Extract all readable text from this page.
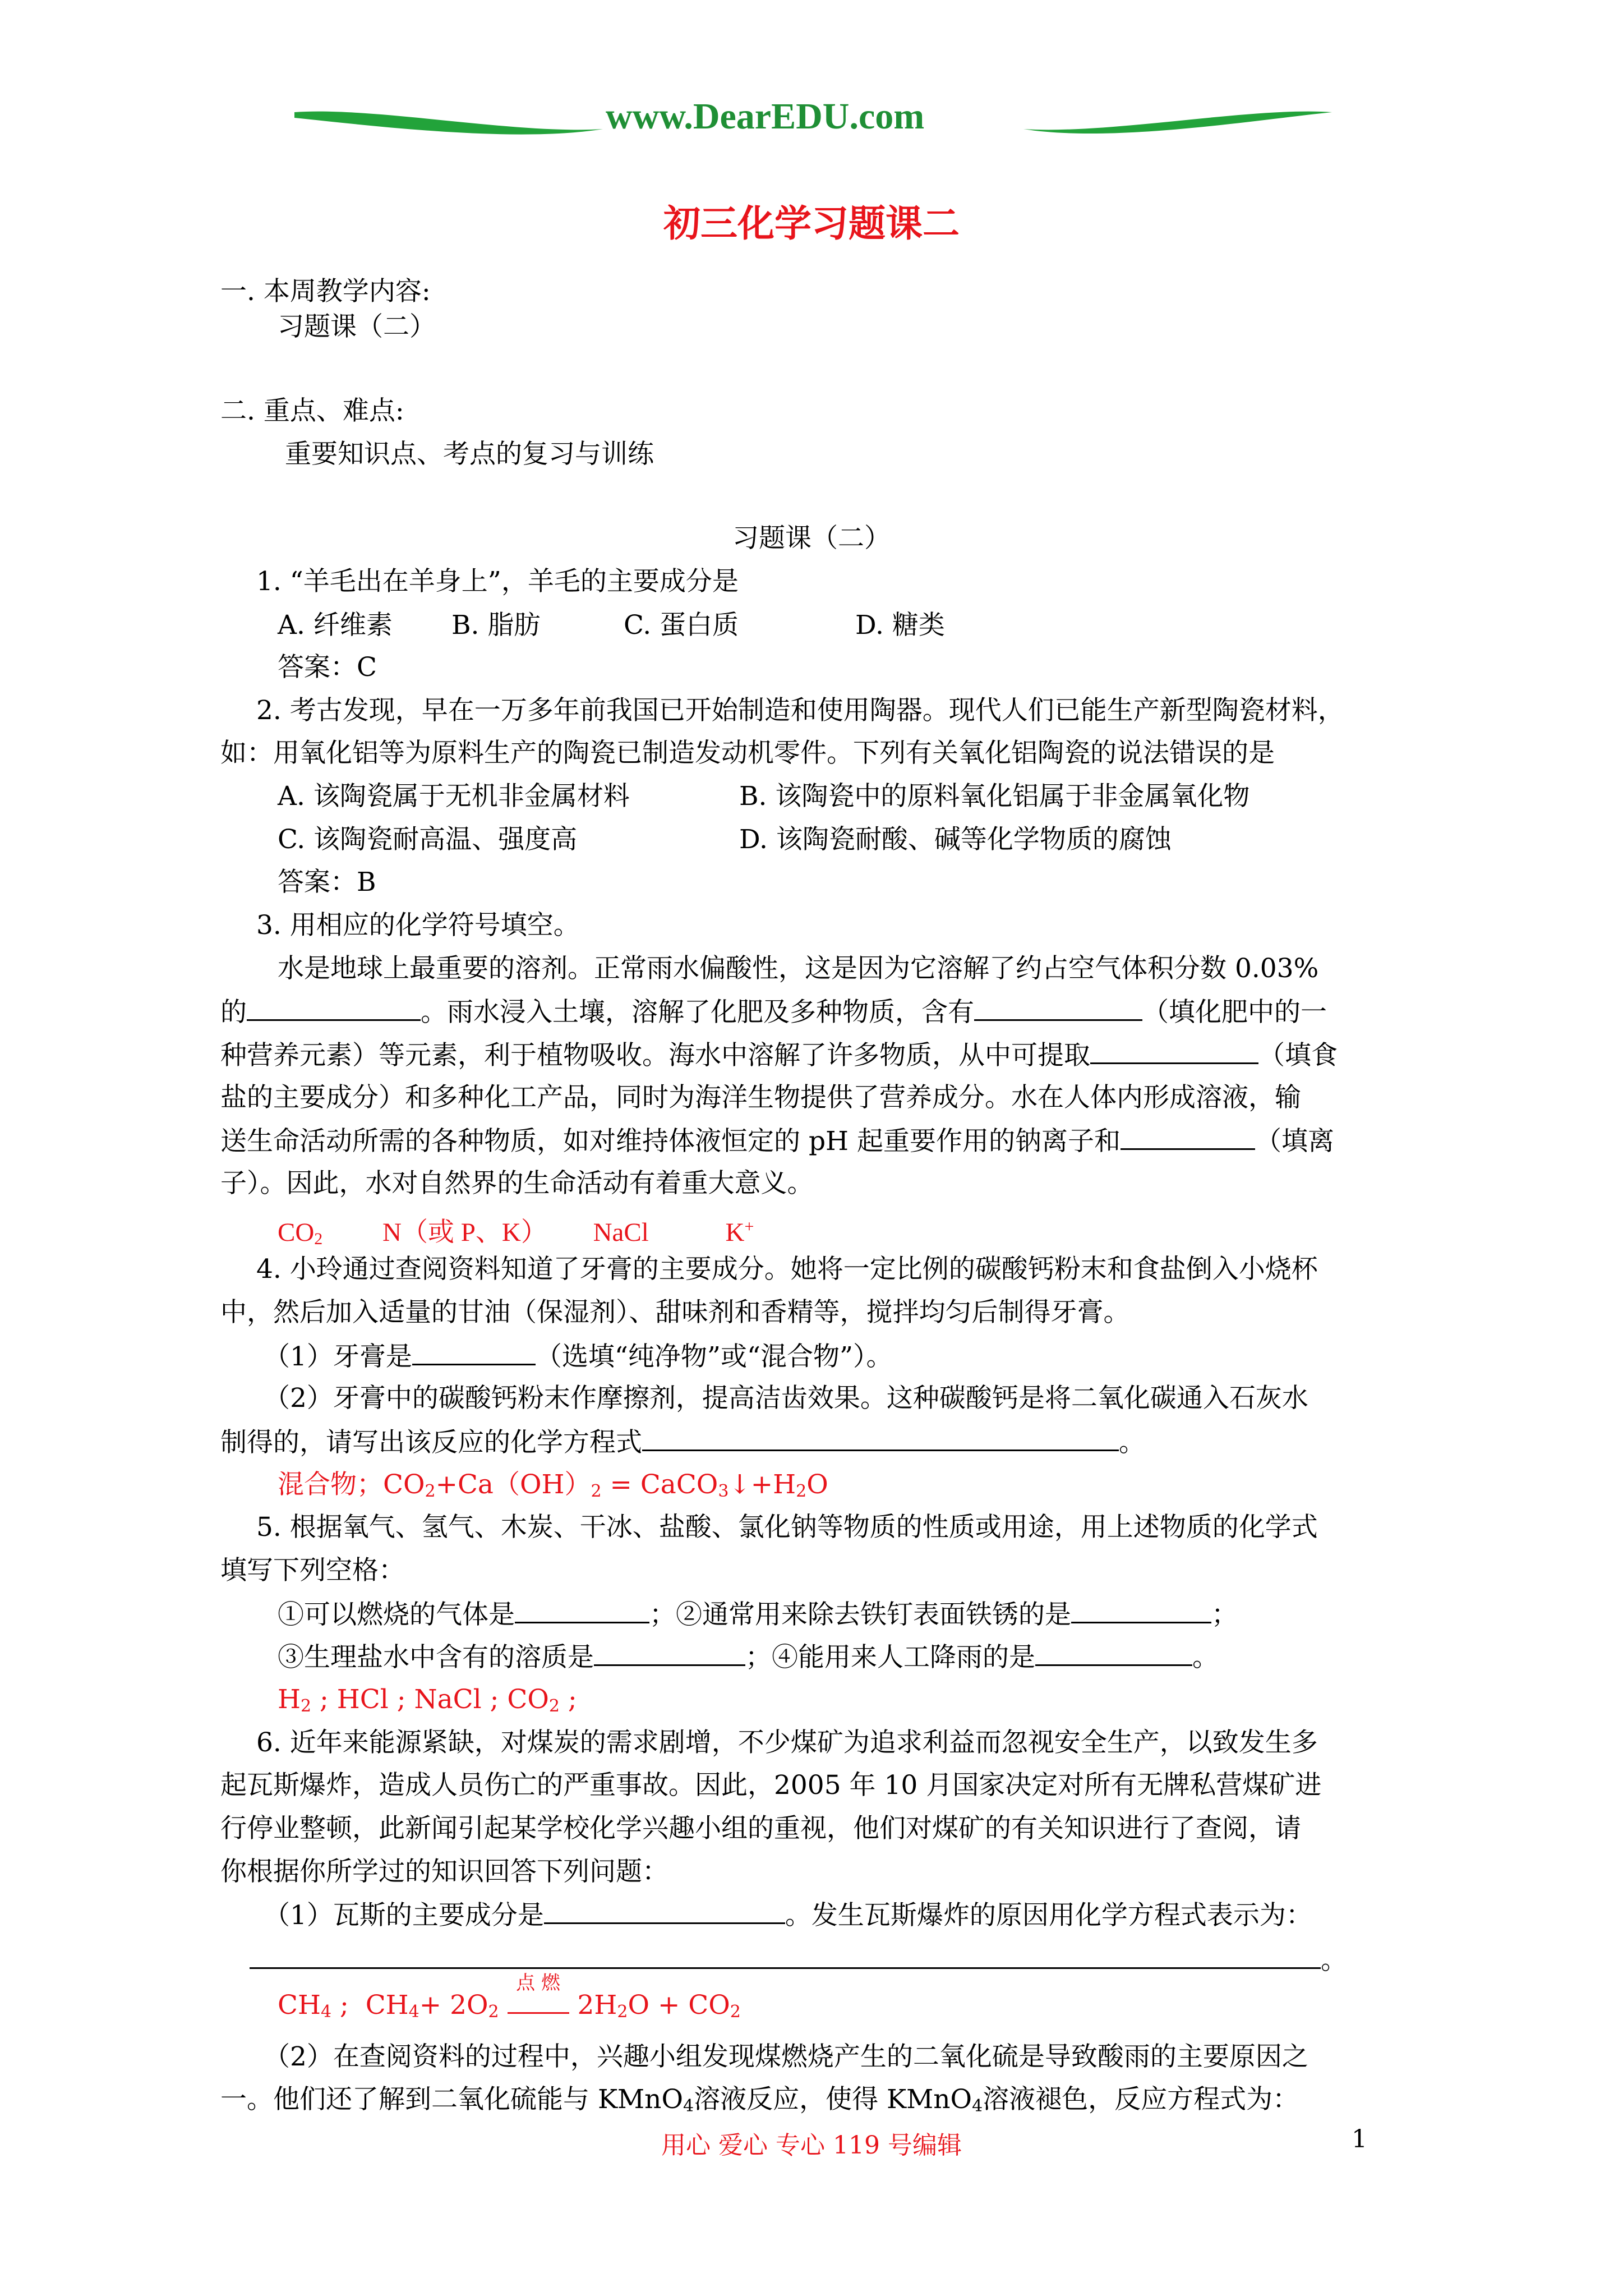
www.DearEDU.com
初三化学习题课二
一. 本周教学内容:
习题课（二）
二. 重点、难点:
重要知识点、考点的复习与训练
习题课（二）
1. “羊毛出在羊身上”，羊毛的主要成分是
A. 纤维素 B. 脂肪	C. 蛋白质	D. 糖类
答案：C
2. 考古发现，早在一万多年前我国已开始制造和使用陶器。现代人们已能生产新型陶瓷材料，
如：用氧化铝等为原料生产的陶瓷已制造发动机零件。下列有关氧化铝陶瓷的说法错误的是
A. 该陶瓷属于无机非金属材料	B. 该陶瓷中的原料氧化铝属于非金属氧化物
C. 该陶瓷耐高温、强度高	D. 该陶瓷耐酸、碱等化学物质的腐蚀
答案：B
3. 用相应的化学符号填空。
水是地球上最重要的溶剂。正常雨水偏酸性，这是因为它溶解了约占空气体积分数 0.03%
的	。雨水浸入土壤，溶解了化肥及多种物质，含有	（填化肥中的一
种营养元素）等元素，利于植物吸收。海水中溶解了许多物质，从中可提取	（填食
盐的主要成分）和多种化工产品，同时为海洋生物提供了营养成分。水在人体内形成溶液，输
送生命活动所需的各种物质，如对维持体液恒定的 pH 起重要作用的钠离子和	（填离
子）。因此，水对自然界的生命活动有着重大意义。
$CO_2$ N（或 P、K） NaCl	K+
4. 小玲通过查阅资料知道了牙膏的主要成分。她将一定比例的碳酸钙粉末和食盐倒入小烧杯
中，然后加入适量的甘油（保湿剂）、甜味剂和香精等，搅拌均匀后制得牙膏。
（1）牙膏是	（选填“纯净物”或“混合物”）。
（2）牙膏中的碳酸钙粉末作摩擦剂，提高洁齿效果。这种碳酸钙是将二氧化碳通入石灰水
制得的，请写出该反应的化学方程式	。
混合物；$CO_2+Ca(OH)_2$ = $CaCO_3↓+H_2O$
5. 根据氧气、氢气、木炭、干冰、盐酸、氯化钠等物质的性质或用途，用上述物质的化学式
填写下列空格：
①可以燃烧的气体是	；②通常用来除去铁钉表面铁锈的是	；
③生理盐水中含有的溶质是	；④能用来人工降雨的是	。
$H_2$ ; HCl ; NaCl ; $CO_2$ ;
6. 近年来能源紧缺，对煤炭的需求剧增，不少煤矿为追求利益而忽视安全生产，以致发生多
起瓦斯爆炸，造成人员伤亡的严重事故。因此，2005 年 10 月国家决定对所有无牌私营煤矿进
行停业整顿，此新闻引起某学校化学兴趣小组的重视，他们对煤矿的有关知识进行了查阅，请
你根据你所学过的知识回答下列问题：
（1）瓦斯的主要成分是	。发生瓦斯爆炸的原因用化学方程式表示为：
。
$CH_4$ ;  $CH_4+ 2O_2$
点 燃
$2H_2O + CO_2$
（2）在查阅资料的过程中，兴趣小组发现煤燃烧产生的二氧化硫是导致酸雨的主要原因之
一。他们还了解到二氧化硫能与 KMnO$_4$溶液反应，使得 KMnO$_4$溶液褪色，反应方程式为：
用心 爱心 专心 119 号编辑	1
